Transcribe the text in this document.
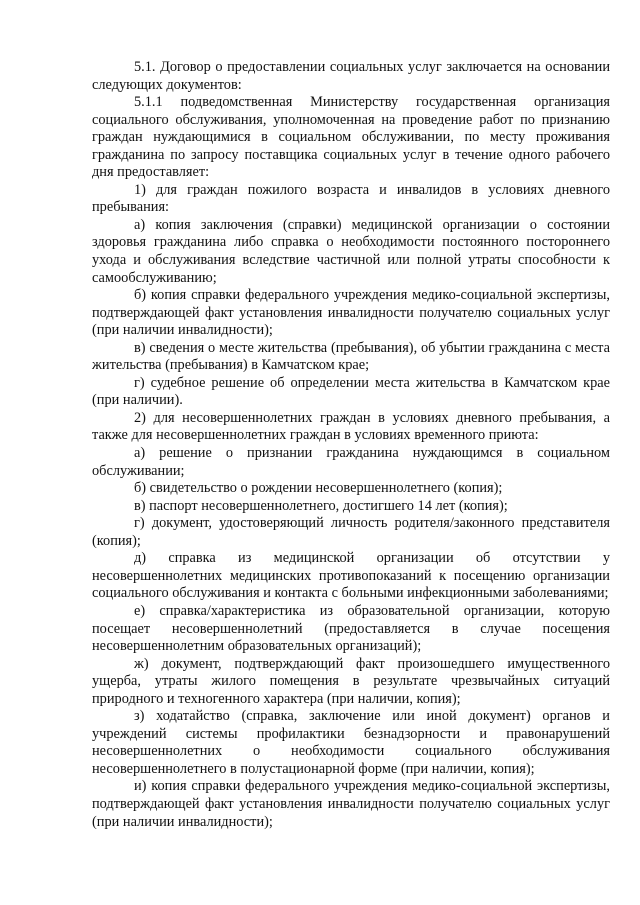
5.1. Договор о предоставлении социальных услуг заключается на основании следующих документов:

5.1.1 подведомственная Министерству государственная организация социального обслуживания, уполномоченная на проведение работ по признанию граждан нуждающимися в социальном обслуживании, по месту проживания гражданина по запросу поставщика социальных услуг в течение одного рабочего дня предоставляет:

1) для граждан пожилого возраста и инвалидов в условиях дневного пребывания:

а) копия заключения (справки) медицинской организации о состоянии здоровья гражданина либо справка о необходимости постоянного постороннего ухода и обслуживания вследствие частичной или полной утраты способности к самообслуживанию;

б) копия справки федерального учреждения медико-социальной экспертизы, подтверждающей факт установления инвалидности получателю социальных услуг (при наличии инвалидности);

в) сведения о месте жительства (пребывания), об убытии гражданина с места жительства (пребывания) в Камчатском крае;

г) судебное решение об определении места жительства в Камчатском крае (при наличии).

2) для несовершеннолетних граждан в условиях дневного пребывания, а также для несовершеннолетних граждан в условиях временного приюта:

а) решение о признании гражданина нуждающимся в социальном обслуживании;

б) свидетельство о рождении несовершеннолетнего (копия);

в) паспорт несовершеннолетнего, достигшего 14 лет (копия);

г) документ, удостоверяющий личность родителя/законного представителя (копия);

д) справка из медицинской организации об отсутствии у несовершеннолетних медицинских противопоказаний к посещению организации социального обслуживания и контакта с больными инфекционными заболеваниями;

е) справка/характеристика из образовательной организации, которую посещает несовершеннолетний (предоставляется в случае посещения несовершеннолетним образовательных организаций);

ж) документ, подтверждающий факт произошедшего имущественного ущерба, утраты жилого помещения в результате чрезвычайных ситуаций природного и техногенного характера (при наличии, копия);

з) ходатайство (справка, заключение или иной документ) органов и учреждений системы профилактики безнадзорности и правонарушений несовершеннолетних о необходимости социального обслуживания несовершеннолетнего в полустационарной форме (при наличии, копия);

и) копия справки федерального учреждения медико-социальной экспертизы, подтверждающей факт установления инвалидности получателю социальных услуг (при наличии инвалидности);
